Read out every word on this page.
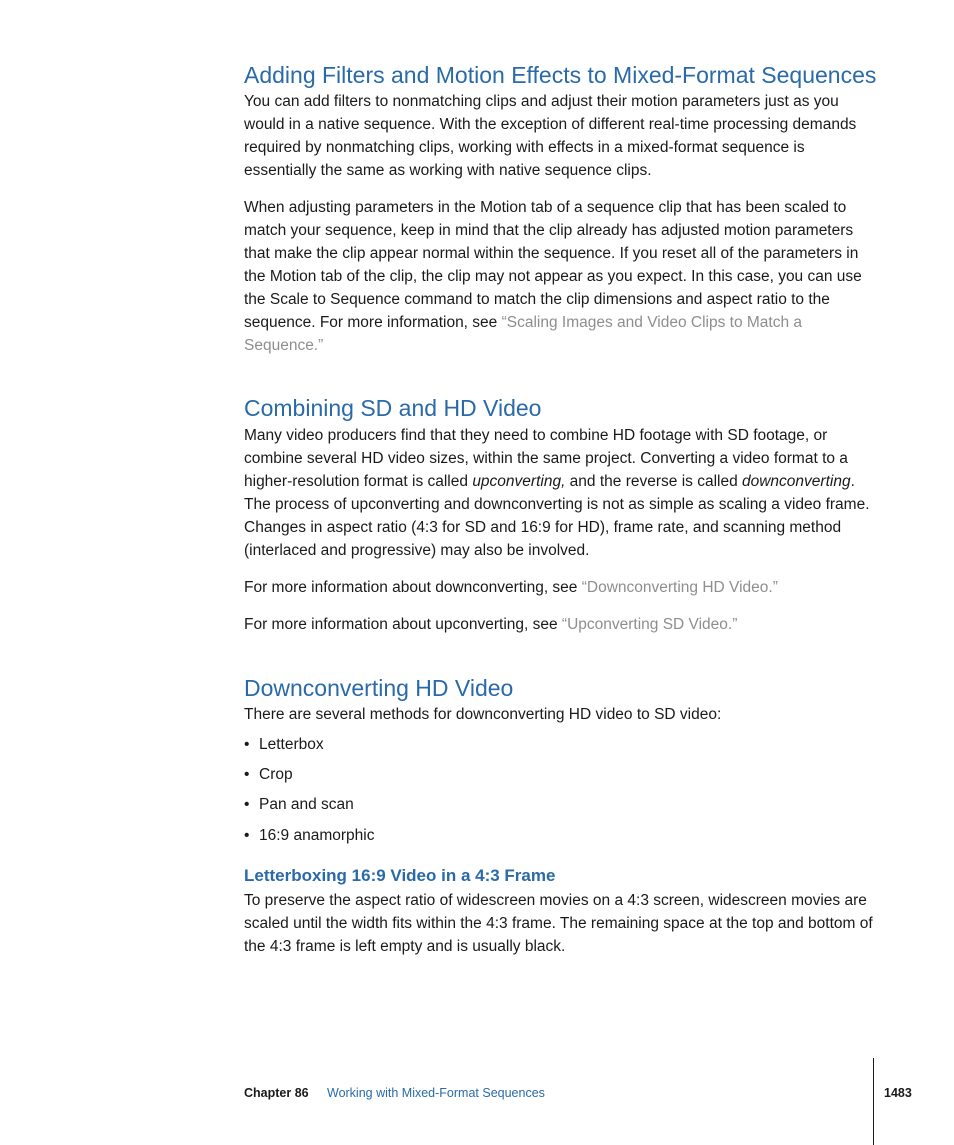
Adding Filters and Motion Effects to Mixed-Format Sequences

You can add filters to nonmatching clips and adjust their motion parameters just as you would in a native sequence. With the exception of different real-time processing demands required by nonmatching clips, working with effects in a mixed-format sequence is essentially the same as working with native sequence clips.

When adjusting parameters in the Motion tab of a sequence clip that has been scaled to match your sequence, keep in mind that the clip already has adjusted motion parameters that make the clip appear normal within the sequence. If you reset all of the parameters in the Motion tab of the clip, the clip may not appear as you expect. In this case, you can use the Scale to Sequence command to match the clip dimensions and aspect ratio to the sequence. For more information, see “Scaling Images and Video Clips to Match a Sequence.”

Combining SD and HD Video

Many video producers find that they need to combine HD footage with SD footage, or combine several HD video sizes, within the same project. Converting a video format to a higher-resolution format is called upconverting, and the reverse is called downconverting. The process of upconverting and downconverting is not as simple as scaling a video frame. Changes in aspect ratio (4:3 for SD and 16:9 for HD), frame rate, and scanning method (interlaced and progressive) may also be involved.

For more information about downconverting, see “Downconverting HD Video.”

For more information about upconverting, see “Upconverting SD Video.”

Downconverting HD Video

There are several methods for downconverting HD video to SD video:

• Letterbox
• Crop
• Pan and scan
• 16:9 anamorphic
Letterboxing 16:9 Video in a 4:3 Frame

To preserve the aspect ratio of widescreen movies on a 4:3 screen, widescreen movies are scaled until the width fits within the 4:3 frame. The remaining space at the top and bottom of the 4:3 frame is left empty and is usually black.

Chapter 86 Working with Mixed-Format Sequences	1483
